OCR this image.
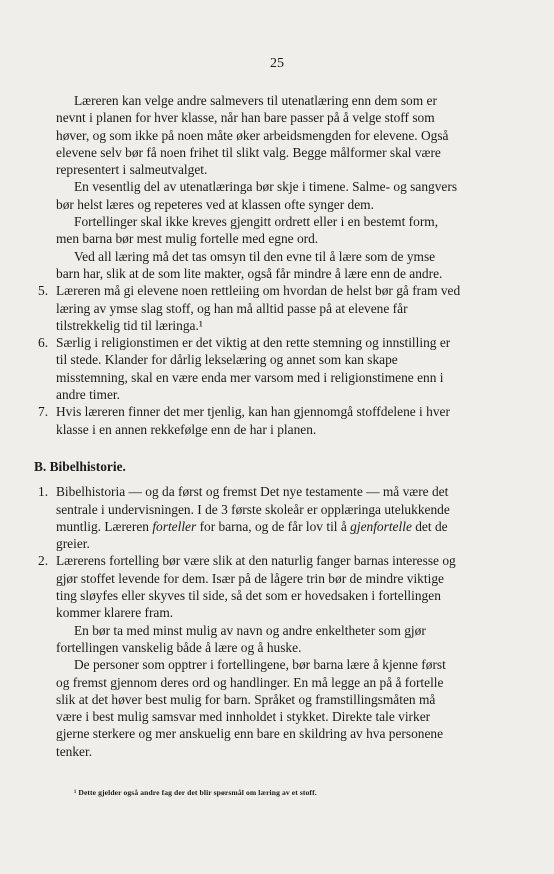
25

Læreren kan velge andre salmevers til utenatlæring enn dem som er nevnt i planen for hver klasse, når han bare passer på å velge stoff som høver, og som ikke på noen måte øker arbeidsmengden for elevene. Også elevene selv bør få noen frihet til slikt valg. Begge målformer skal være representert i salmeutvalget.

En vesentlig del av utenatlæringa bør skje i timene. Salme- og sangvers bør helst læres og repeteres ved at klassen ofte synger dem.

Fortellinger skal ikke kreves gjengitt ordrett eller i en bestemt form, men barna bør mest mulig fortelle med egne ord.

Ved all læring må det tas omsyn til den evne til å lære som de ymse barn har, slik at de som lite makter, også får mindre å lære enn de andre.

5. Læreren må gi elevene noen rettleiing om hvordan de helst bør gå fram ved læring av ymse slag stoff, og han må alltid passe på at elevene får tilstrekkelig tid til læringa.¹
6. Særlig i religionstimen er det viktig at den rette stemning og innstilling er til stede. Klander for dårlig lekselæring og annet som kan skape misstemning, skal en være enda mer varsom med i religionstimene enn i andre timer.
7. Hvis læreren finner det mer tjenlig, kan han gjennomgå stoffdelene i hver klasse i en annen rekkefølge enn de har i planen.

B. Bibelhistorie.

1. Bibelhistoria — og da først og fremst Det nye testamente — må være det sentrale i undervisningen. I de 3 første skoleår er opplæringa utelukkende muntlig. Læreren forteller for barna, og de får lov til å gjenfortelle det de greier.
2. Lærerens fortelling bør være slik at den naturlig fanger barnas interesse og gjør stoffet levende for dem. Især på de lågere trin bør de mindre viktige ting sløyfes eller skyves til side, så det som er hovedsaken i fortellingen kommer klarere fram.

En bør ta med minst mulig av navn og andre enkeltheter som gjør fortellingen vanskelig både å lære og å huske.

De personer som opptrer i fortellingene, bør barna lære å kjenne først og fremst gjennom deres ord og handlinger. En må legge an på å fortelle slik at det høver best mulig for barn. Språket og framstillingsmåten må være i best mulig samsvar med innholdet i stykket. Direkte tale virker gjerne sterkere og mer anskuelig enn bare en skildring av hva personene tenker.

¹ Dette gjelder også andre fag der det blir spørsmål om læring av et stoff.
